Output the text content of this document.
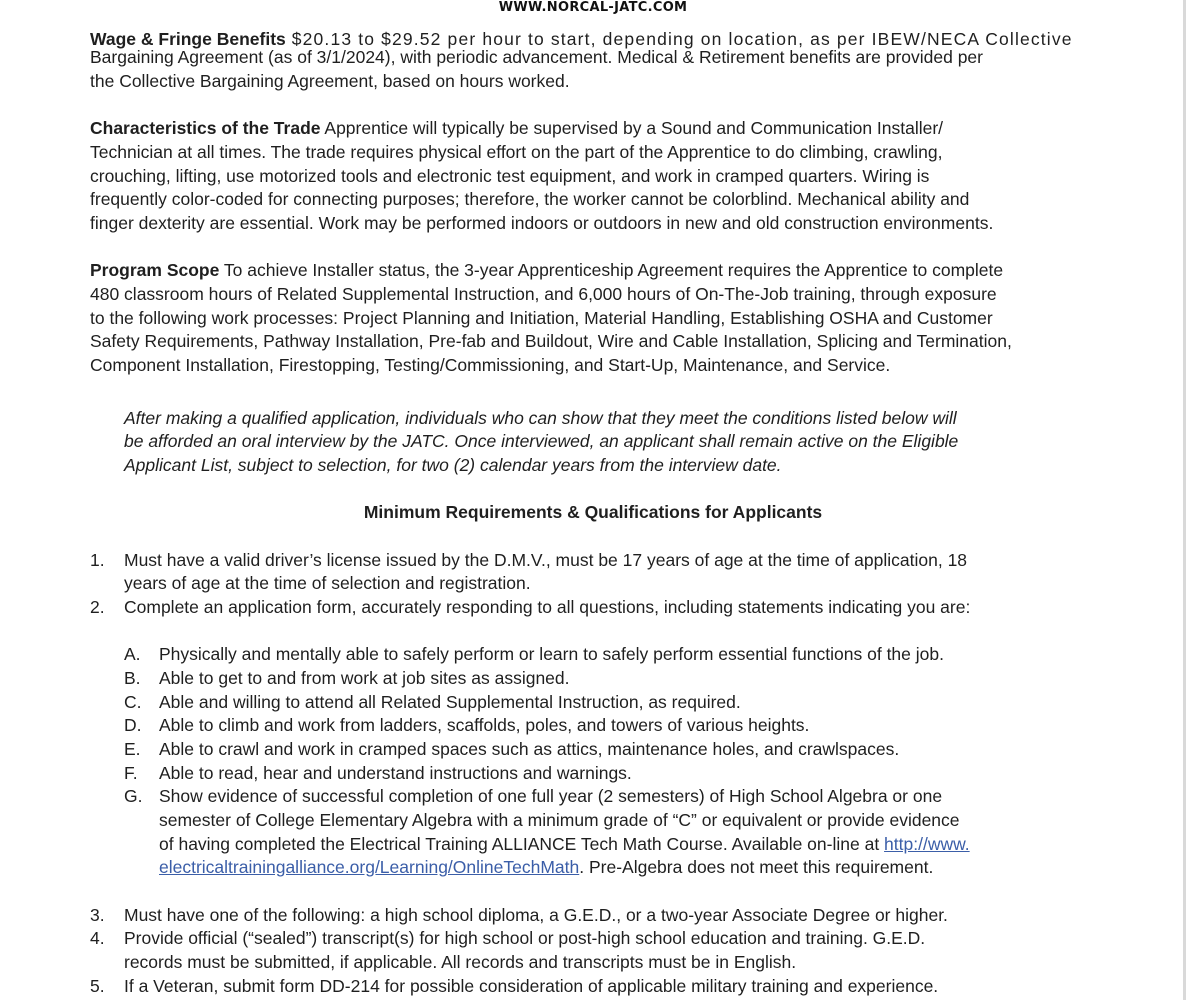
WWW.NORCAL-JATC.COM
Wage & Fringe Benefits $20.13 to $29.52 per hour to start, depending on location, as per IBEW/NECA Collective
Bargaining Agreement (as of 3/1/2024), with periodic advancement. Medical & Retirement benefits are provided per
the Collective Bargaining Agreement, based on hours worked.
Characteristics of the Trade Apprentice will typically be supervised by a Sound and Communication Installer/
Technician at all times. The trade requires physical effort on the part of the Apprentice to do climbing, crawling,
crouching, lifting, use motorized tools and electronic test equipment, and work in cramped quarters. Wiring is
frequently color-coded for connecting purposes; therefore, the worker cannot be colorblind. Mechanical ability and
finger dexterity are essential. Work may be performed indoors or outdoors in new and old construction environments.
Program Scope To achieve Installer status, the 3-year Apprenticeship Agreement requires the Apprentice to complete
480 classroom hours of Related Supplemental Instruction, and 6,000 hours of On-The-Job training, through exposure
to the following work processes: Project Planning and Initiation, Material Handling, Establishing OSHA and Customer
Safety Requirements, Pathway Installation, Pre-fab and Buildout, Wire and Cable Installation, Splicing and Termination,
Component Installation, Firestopping, Testing/Commissioning, and Start-Up, Maintenance, and Service.
After making a qualified application, individuals who can show that they meet the conditions listed below will
be afforded an oral interview by the JATC. Once interviewed, an applicant shall remain active on the Eligible
Applicant List, subject to selection, for two (2) calendar years from the interview date.
Minimum Requirements & Qualifications for Applicants
1. Must have a valid driver’s license issued by the D.M.V., must be 17 years of age at the time of application, 18
years of age at the time of selection and registration.
2. Complete an application form, accurately responding to all questions, including statements indicating you are:
A. Physically and mentally able to safely perform or learn to safely perform essential functions of the job.
B. Able to get to and from work at job sites as assigned.
C. Able and willing to attend all Related Supplemental Instruction, as required.
D. Able to climb and work from ladders, scaffolds, poles, and towers of various heights.
E. Able to crawl and work in cramped spaces such as attics, maintenance holes, and crawlspaces.
F. Able to read, hear and understand instructions and warnings.
G. Show evidence of successful completion of one full year (2 semesters) of High School Algebra or one
semester of College Elementary Algebra with a minimum grade of “C” or equivalent or provide evidence
of having completed the Electrical Training ALLIANCE Tech Math Course. Available on-line at http://www.
electricaltrainingalliance.org/Learning/OnlineTechMath. Pre-Algebra does not meet this requirement.
3. Must have one of the following: a high school diploma, a G.E.D., or a two-year Associate Degree or higher.
4. Provide official (“sealed”) transcript(s) for high school or post-high school education and training. G.E.D.
records must be submitted, if applicable. All records and transcripts must be in English.
5. If a Veteran, submit form DD-214 for possible consideration of applicable military training and experience.
